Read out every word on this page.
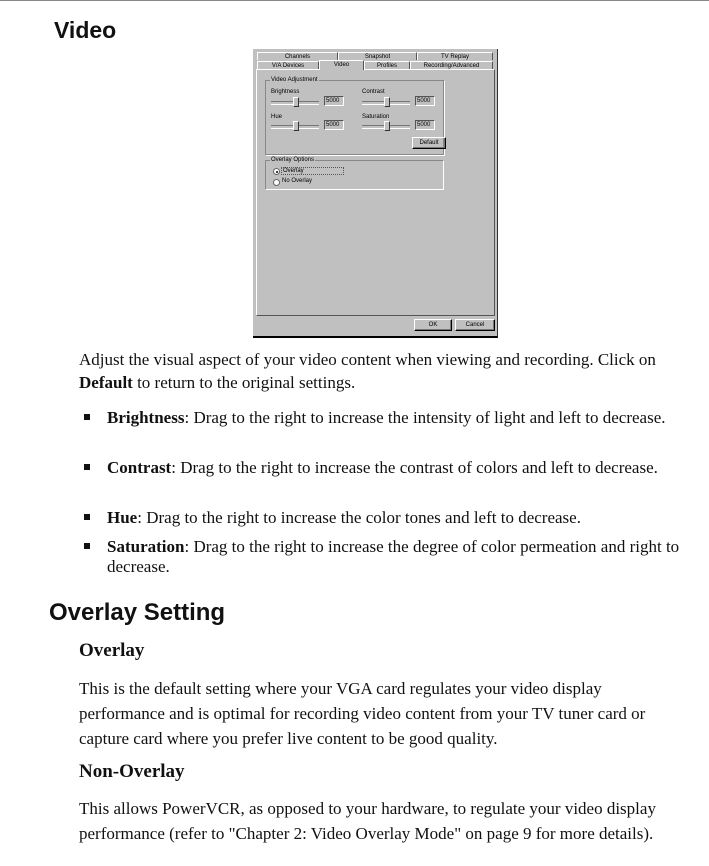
Video
Channels	Snapshot	TV Replay
V/A Devices	Video	Profiles	Recording/Advanced
Video Adjustment
Brightness
5000
Contrast
5000
Hue
5000
Saturation
5000
Default
Overlay Options
Overlay
No Overlay
OK	Cancel

Adjust the visual aspect of your video content when viewing and recording. Click on Default to return to the original settings.

Brightness: Drag to the right to increase the intensity of light and left to decrease.

Contrast: Drag to the right to increase the contrast of colors and left to decrease.

Hue: Drag to the right to increase the color tones and left to decrease.

Saturation: Drag to the right to increase the degree of color permeation and right to decrease.

Overlay Setting
Overlay

This is the default setting where your VGA card regulates your video display performance and is optimal for recording video content from your TV tuner card or capture card where you prefer live content to be good quality.

Non-Overlay

This allows PowerVCR, as opposed to your hardware, to regulate your video display performance (refer to "Chapter 2: Video Overlay Mode" on page 9 for more details).
